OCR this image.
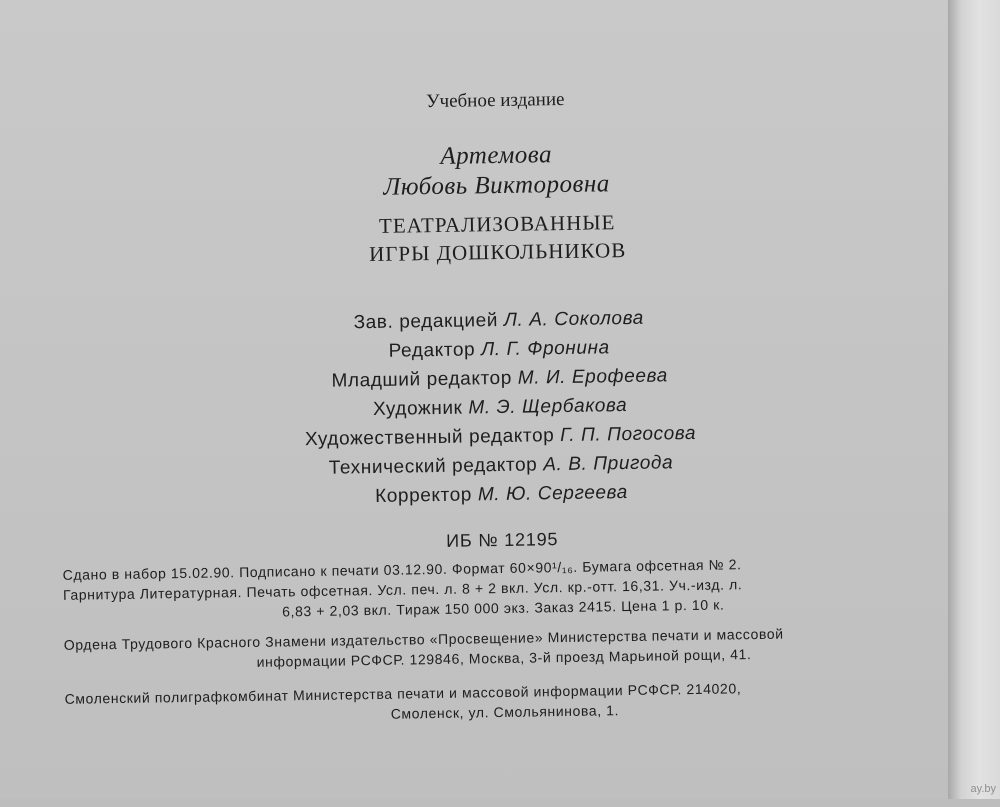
ay.by
Учебное издание
Артемова
Любовь Викторовна
ТЕАТРАЛИЗОВАННЫЕ
ИГРЫ ДОШКОЛЬНИКОВ
Зав. редакцией Л. А. Соколова
Редактор Л. Г. Фронина
Младший редактор М. И. Ерофеева
Художник М. Э. Щербакова
Художественный редактор Г. П. Погосова
Технический редактор А. В. Пригода
Корректор М. Ю. Сергеева
ИБ № 12195
Сдано в набор 15.02.90. Подписано к печати 03.12.90. Формат 60×90¹/₁₆. Бумага офсетная № 2.
Гарнитура Литературная. Печать офсетная. Усл. печ. л. 8 + 2 вкл. Усл. кр.-отт. 16,31. Уч.-изд. л.
6,83 + 2,03 вкл. Тираж 150 000 экз. Заказ 2415. Цена 1 р. 10 к.
Ордена Трудового Красного Знамени издательство «Просвещение» Министерства печати и массовой
информации РСФСР. 129846, Москва, 3-й проезд Марьиной рощи, 41.
Смоленский полиграфкомбинат Министерства печати и массовой информации РСФСР. 214020,
Смоленск, ул. Смольянинова, 1.
